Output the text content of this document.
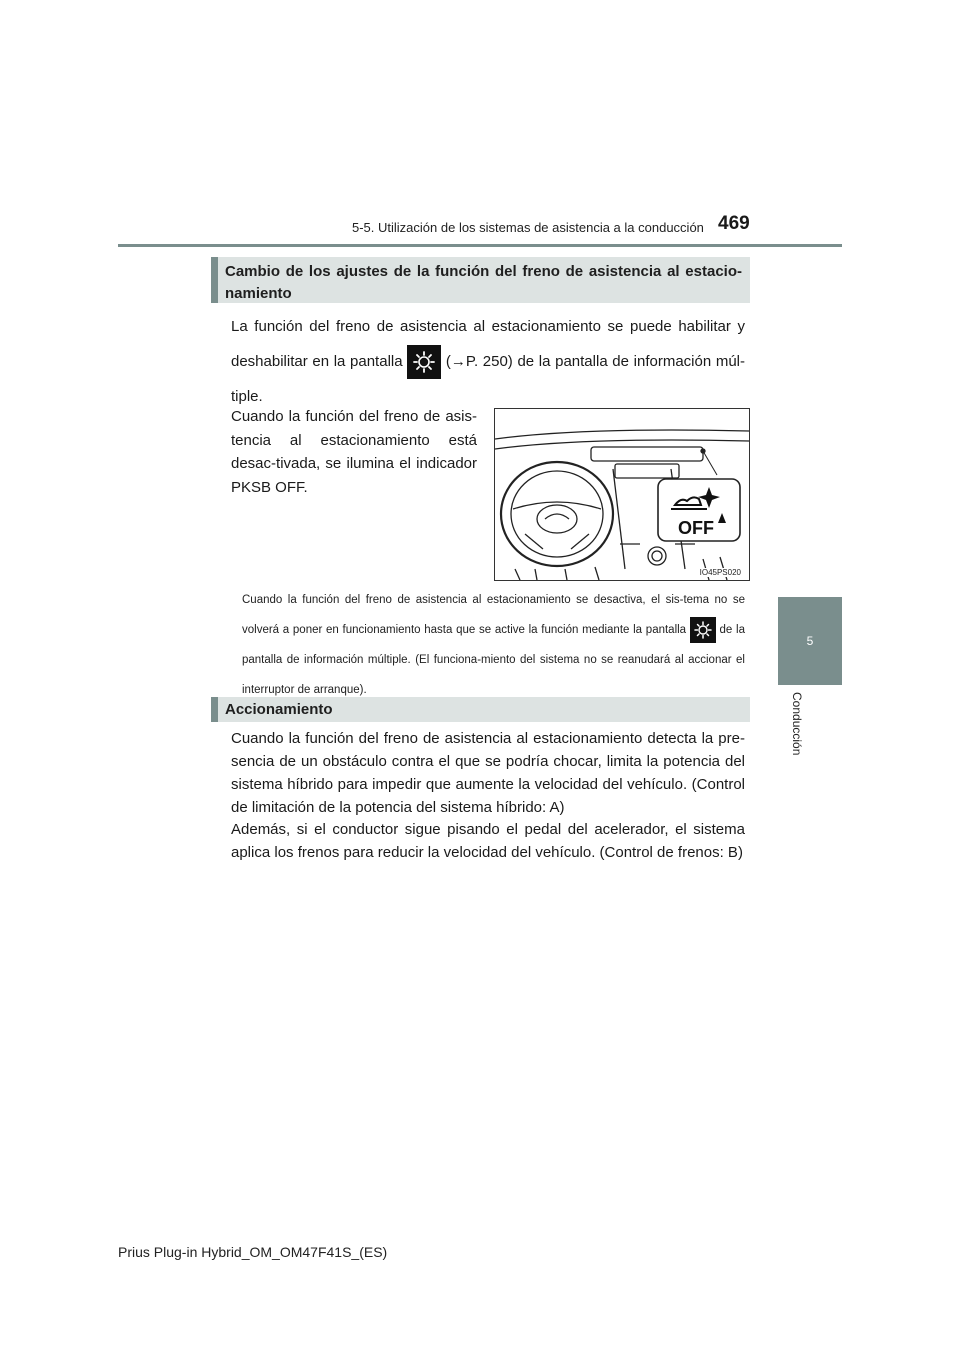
5-5. Utilización de los sistemas de asistencia a la conducción 469
5
Conducción
Cambio de los ajustes de la función del freno de asistencia al estacio-namiento
La función del freno de asistencia al estacionamiento se puede habilitar y deshabilitar en la pantalla	(→P. 250) de la pantalla de información múl-tiple.
Cuando la función del freno de asis-tencia al estacionamiento está desac-tivada, se ilumina el indicador PKSB OFF.
OFF
IO45PS020
Cuando la función del freno de asistencia al estacionamiento se desactiva, el sis-tema no se volverá a poner en funcionamiento hasta que se active la función mediante la pantalla	de la pantalla de información múltiple. (El funciona-miento del sistema no se reanudará al accionar el interruptor de arranque).
Accionamiento
Cuando la función del freno de asistencia al estacionamiento detecta la pre-sencia de un obstáculo contra el que se podría chocar, limita la potencia del sistema híbrido para impedir que aumente la velocidad del vehículo. (Control de limitación de la potencia del sistema híbrido: A)
Además, si el conductor sigue pisando el pedal del acelerador, el sistema aplica los frenos para reducir la velocidad del vehículo. (Control de frenos: B)
Prius Plug-in Hybrid_OM_OM47F41S_(ES)
